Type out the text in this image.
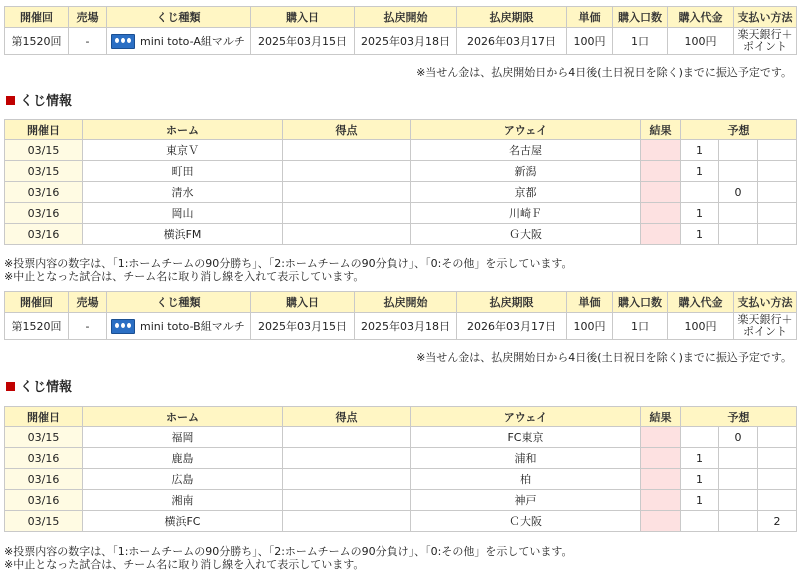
開催回	売場	くじ種類	購入日	払戻開始	払戻期限	単価	購入口数	購入代金	支払い方法
第1520回	-	mini toto-A組マルチ	2025年03月15日	2025年03月18日	2026年03月17日	100円	1口	100円	楽天銀行＋ポイント
※当せん金は、払戻開始日から4日後(土日祝日を除く)までに振込予定です。
くじ情報
開催日	ホーム	得点	アウェイ	結果	予想		
03/15	東京Ｖ		名古屋		1		
03/15	町田		新潟		1		
03/16	清水		京都			0	
03/16	岡山		川崎Ｆ		1		
03/16	横浜FM		Ｇ大阪		1		
※投票内容の数字は、「1:ホームチームの90分勝ち」、「2:ホームチームの90分負け」、「0:その他」を示しています。
※中止となった試合は、チーム名に取り消し線を入れて表示しています。
開催回	売場	くじ種類	購入日	払戻開始	払戻期限	単価	購入口数	購入代金	支払い方法
第1520回	-	mini toto-B組マルチ	2025年03月15日	2025年03月18日	2026年03月17日	100円	1口	100円	楽天銀行＋ポイント
※当せん金は、払戻開始日から4日後(土日祝日を除く)までに振込予定です。
くじ情報
開催日	ホーム	得点	アウェイ	結果	予想		
03/15	福岡		FC東京			0	
03/16	鹿島		浦和		1		
03/16	広島		柏		1		
03/16	湘南		神戸		1		
03/15	横浜FC		Ｃ大阪				2
※投票内容の数字は、「1:ホームチームの90分勝ち」、「2:ホームチームの90分負け」、「0:その他」を示しています。
※中止となった試合は、チーム名に取り消し線を入れて表示しています。
